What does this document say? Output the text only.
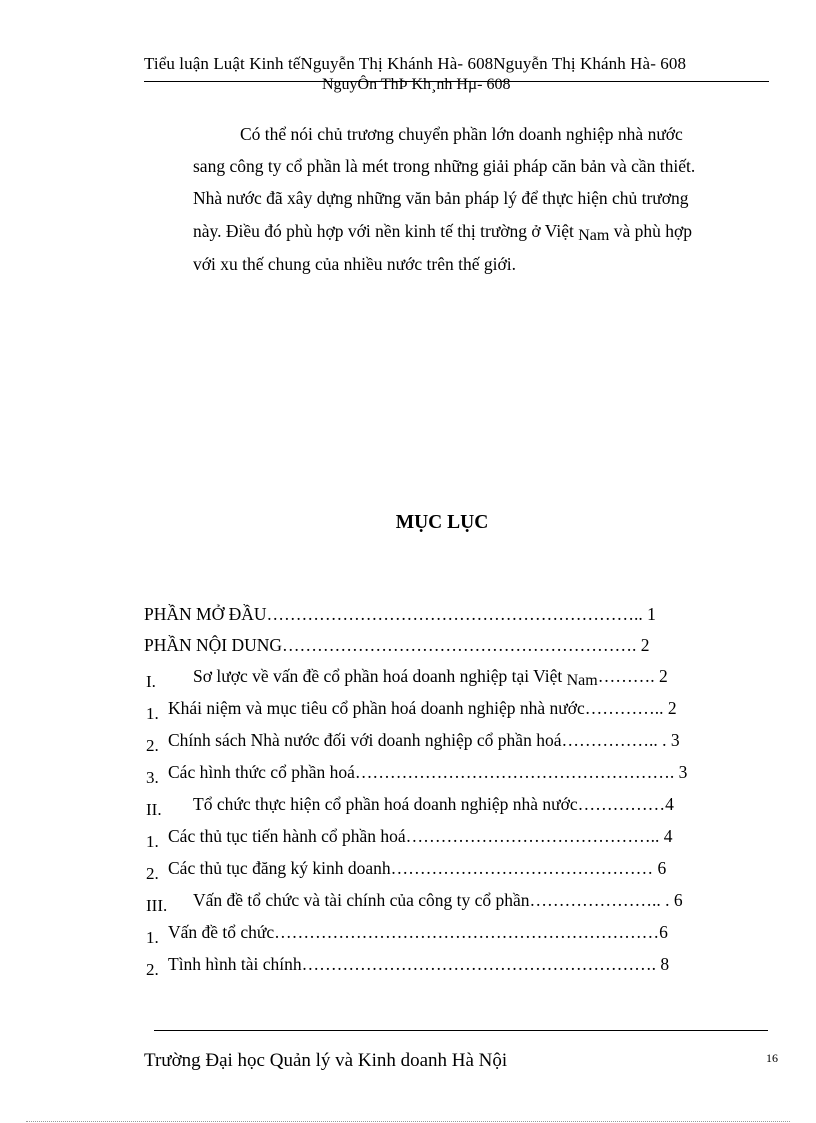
Tiểu luận Luật Kinh tếNguyễn Thị Khánh Hà- 608Nguyễn Thị Khánh Hà- 608
NguyÔn ThÞ Kh¸nh Hµ- 608
Có thể nói chủ trương chuyển phần lớn doanh nghiệp nhà nước
sang công ty cổ phần là mét trong những giải pháp căn bản và cần thiết.
Nhà nước đã xây dựng những văn bản pháp lý để thực hiện chủ trương
này. Điều đó phù hợp với nền kinh tế thị trường ở Việt Nam và phù hợp
với xu thế chung của nhiều nước trên thế giới.
MỤC LỤC
PHẦN MỞ ĐẦU……………………………………………………….. 1
PHẦN NỘI DUNG……………………………………………………. 2
I. Sơ lược về vấn đề cổ phần hoá doanh nghiệp tại Việt Nam………. 2
1. Khái niệm và mục tiêu cổ phần hoá doanh nghiệp nhà nước………….. 2
2. Chính sách Nhà nước đối với doanh nghiệp cổ phần hoá…………….. . 3
3. Các hình thức cổ phần hoá………………………………………………. 3
II. Tổ chức thực hiện cổ phần hoá doanh nghiệp nhà nước……………4
1. Các thủ tục tiến hành cổ phần hoá…………………………………….. 4
2. Các thủ tục đăng ký kinh doanh……………………………………… 6
III. Vấn đề tổ chức và tài chính của công ty cổ phần………………….. . 6
1. Vấn đề tổ chức…………………………………………………………6
2. Tình hình tài chính……………………………………………………. 8
Trường Đại học Quản lý và Kinh doanh Hà Nội	16
